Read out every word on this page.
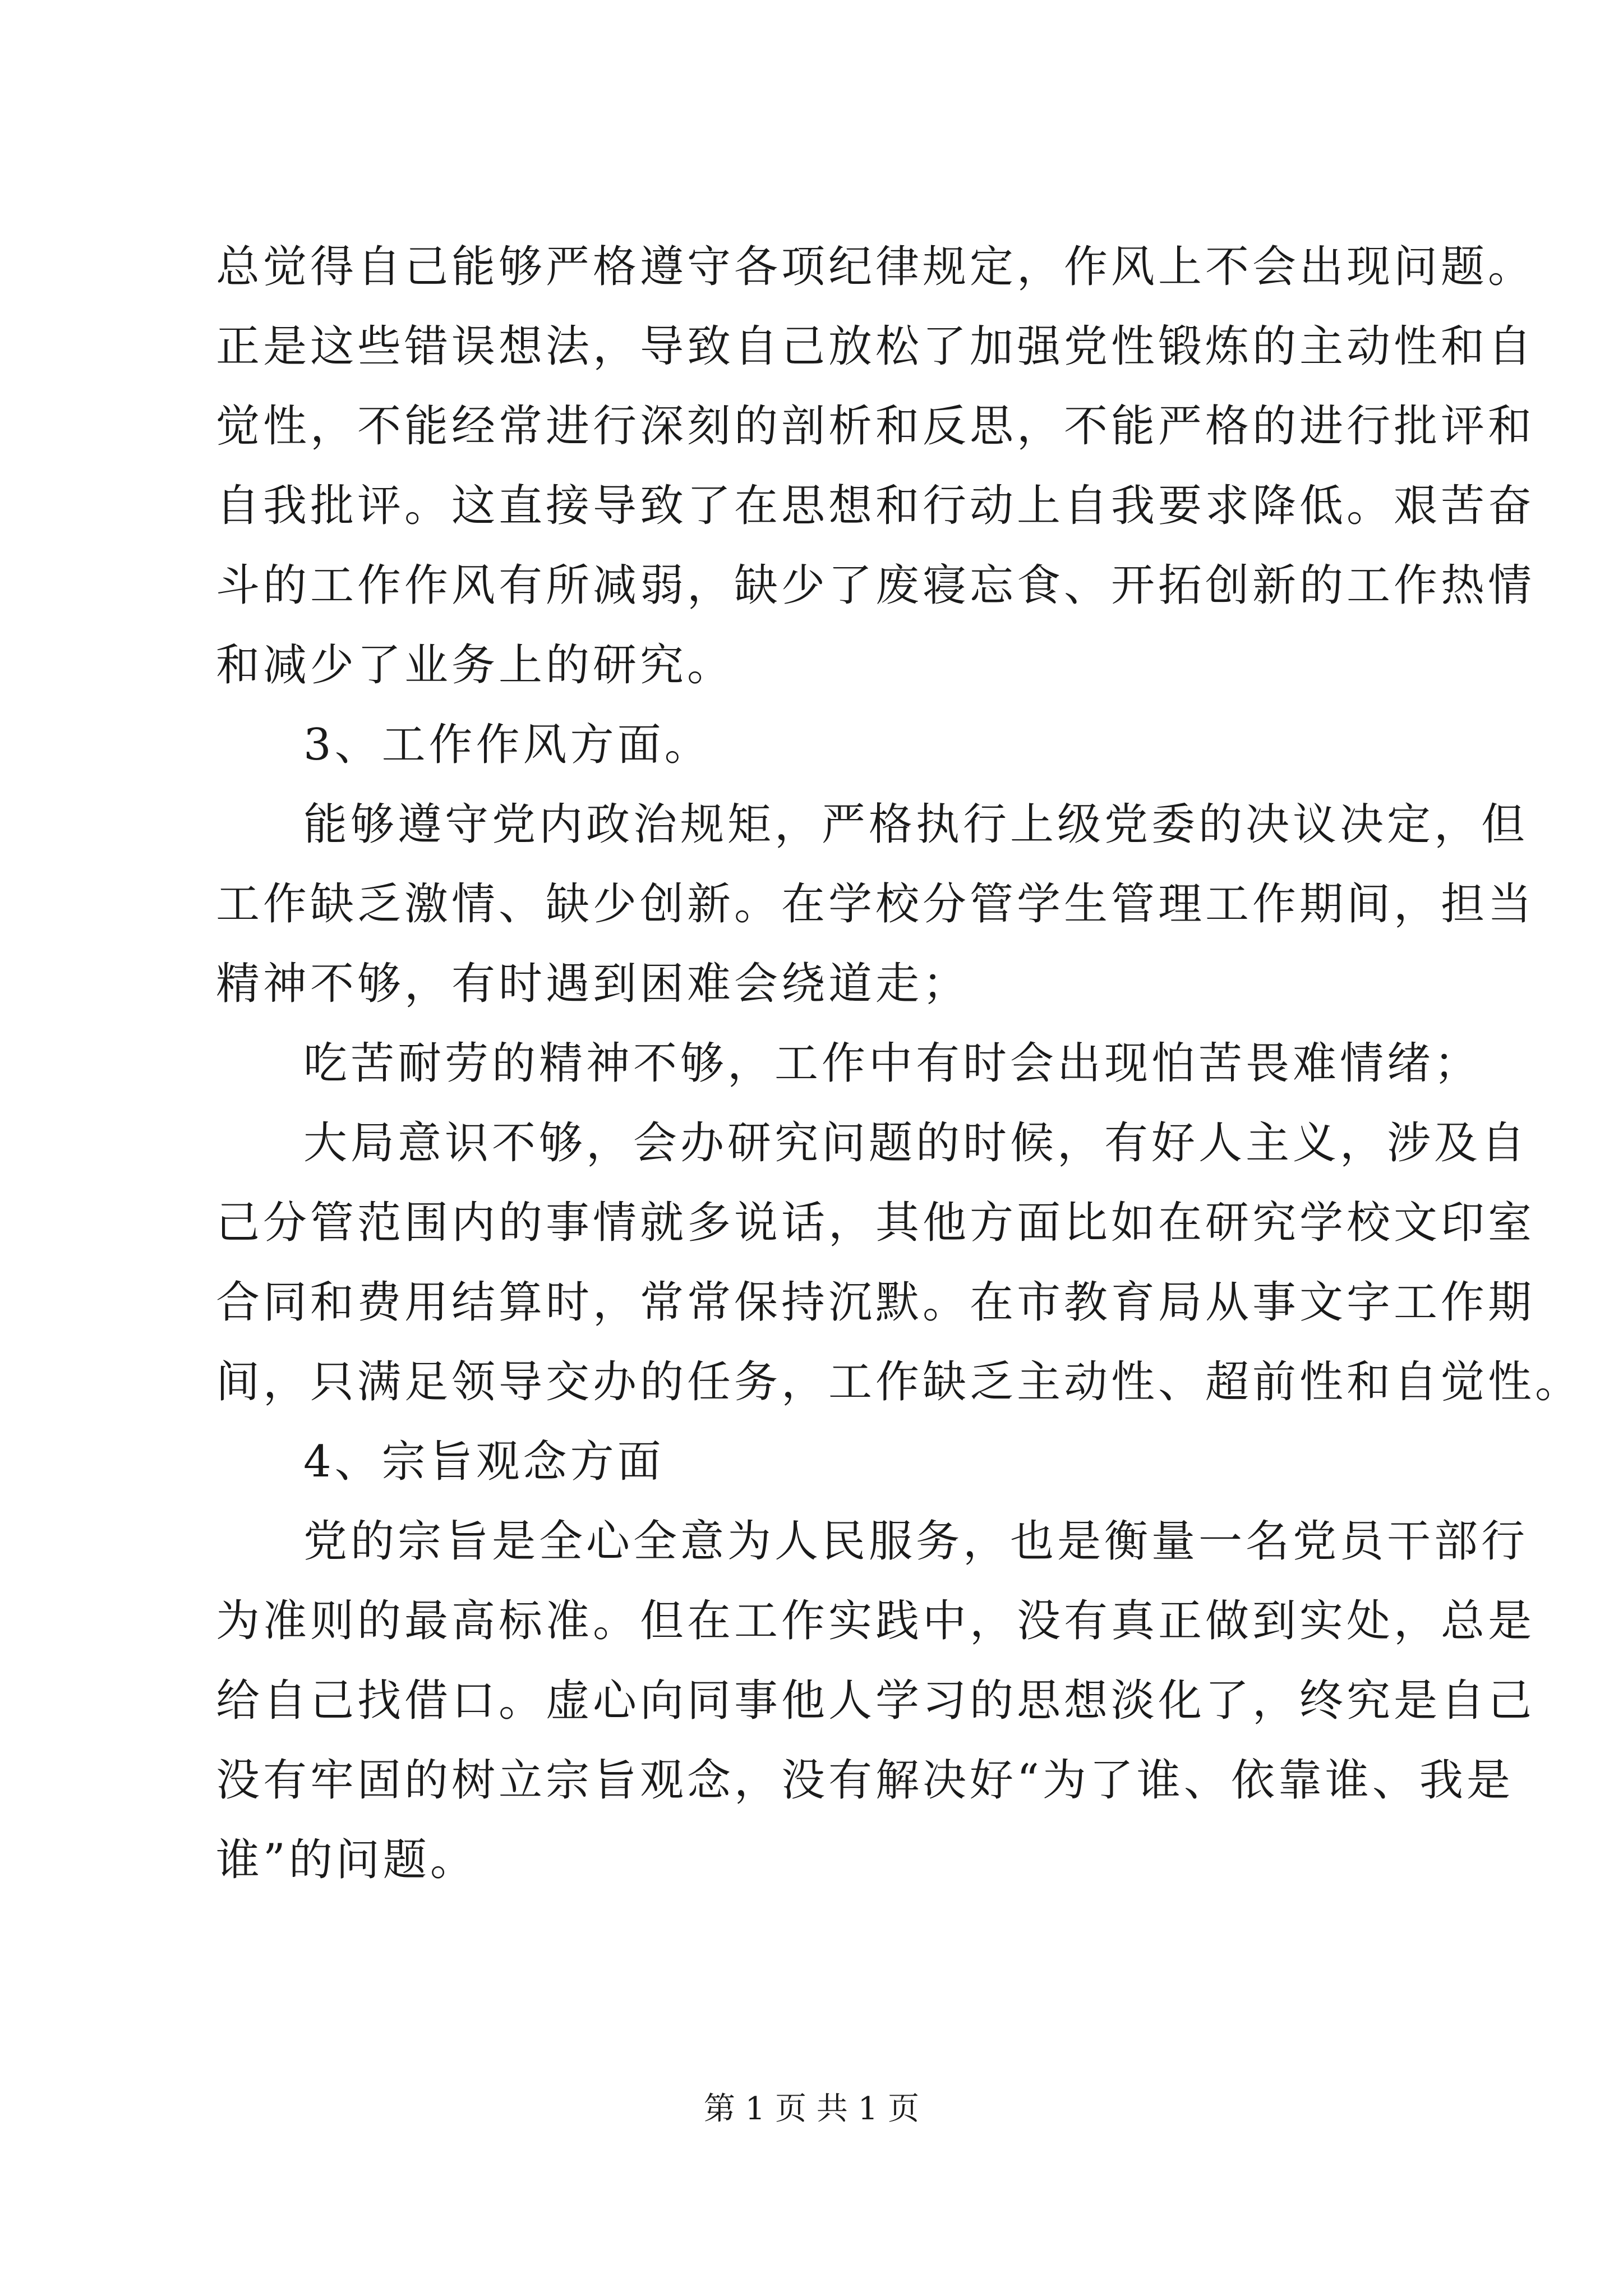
总觉得自己能够严格遵守各项纪律规定，作风上不会出现问题。
正是这些错误想法，导致自己放松了加强党性锻炼的主动性和自
觉性，不能经常进行深刻的剖析和反思，不能严格的进行批评和
自我批评。这直接导致了在思想和行动上自我要求降低。艰苦奋
斗的工作作风有所减弱，缺少了废寝忘食、开拓创新的工作热情
和减少了业务上的研究。
3、工作作风方面。
能够遵守党内政治规矩，严格执行上级党委的决议决定，但
工作缺乏激情、缺少创新。在学校分管学生管理工作期间，担当
精神不够，有时遇到困难会绕道走；
吃苦耐劳的精神不够，工作中有时会出现怕苦畏难情绪；
大局意识不够，会办研究问题的时候，有好人主义，涉及自
己分管范围内的事情就多说话，其他方面比如在研究学校文印室
合同和费用结算时，常常保持沉默。在市教育局从事文字工作期
间，只满足领导交办的任务，工作缺乏主动性、超前性和自觉性。
4、宗旨观念方面
党的宗旨是全心全意为人民服务，也是衡量一名党员干部行
为准则的最高标准。但在工作实践中，没有真正做到实处，总是
给自己找借口。虚心向同事他人学习的思想淡化了，终究是自己
没有牢固的树立宗旨观念，没有解决好“为了谁、依靠谁、我是
谁”的问题。
第 1 页 共 1 页
